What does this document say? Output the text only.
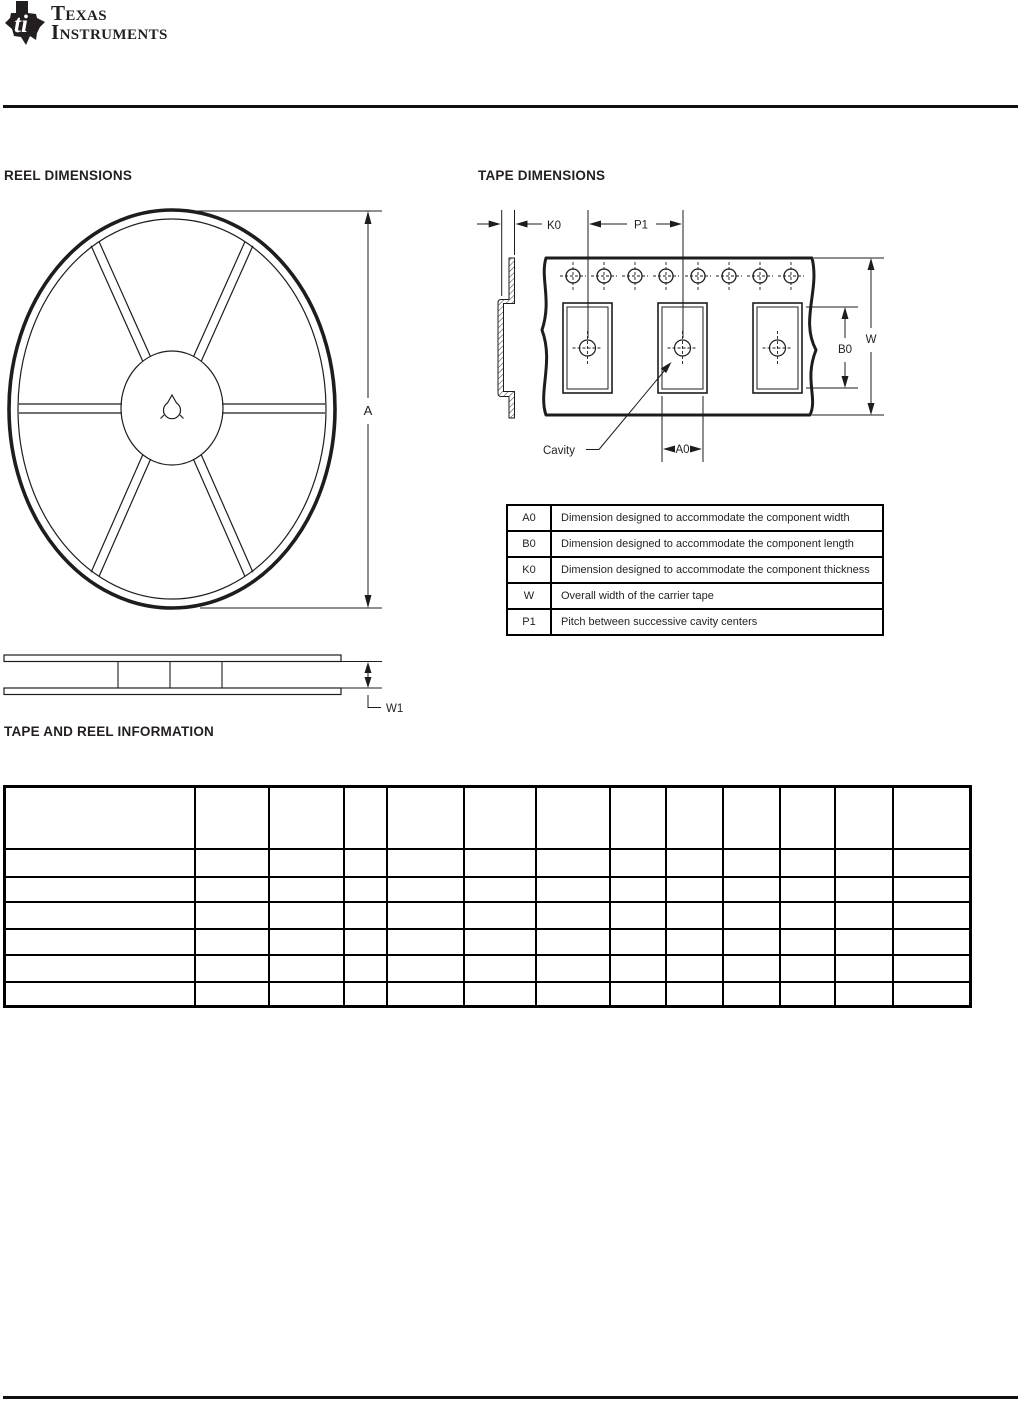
ti Texas
Instruments
REEL DIMENSIONS	TAPE DIMENSIONS
TAPE AND REEL INFORMATION
A
K0	P1
B0
W
A0
Cavity
W1
A0	Dimension designed to accommodate the component width
B0	Dimension designed to accommodate the component length
K0	Dimension designed to accommodate the component thickness
W	Overall width of the carrier tape
P1	Pitch between successive cavity centers
